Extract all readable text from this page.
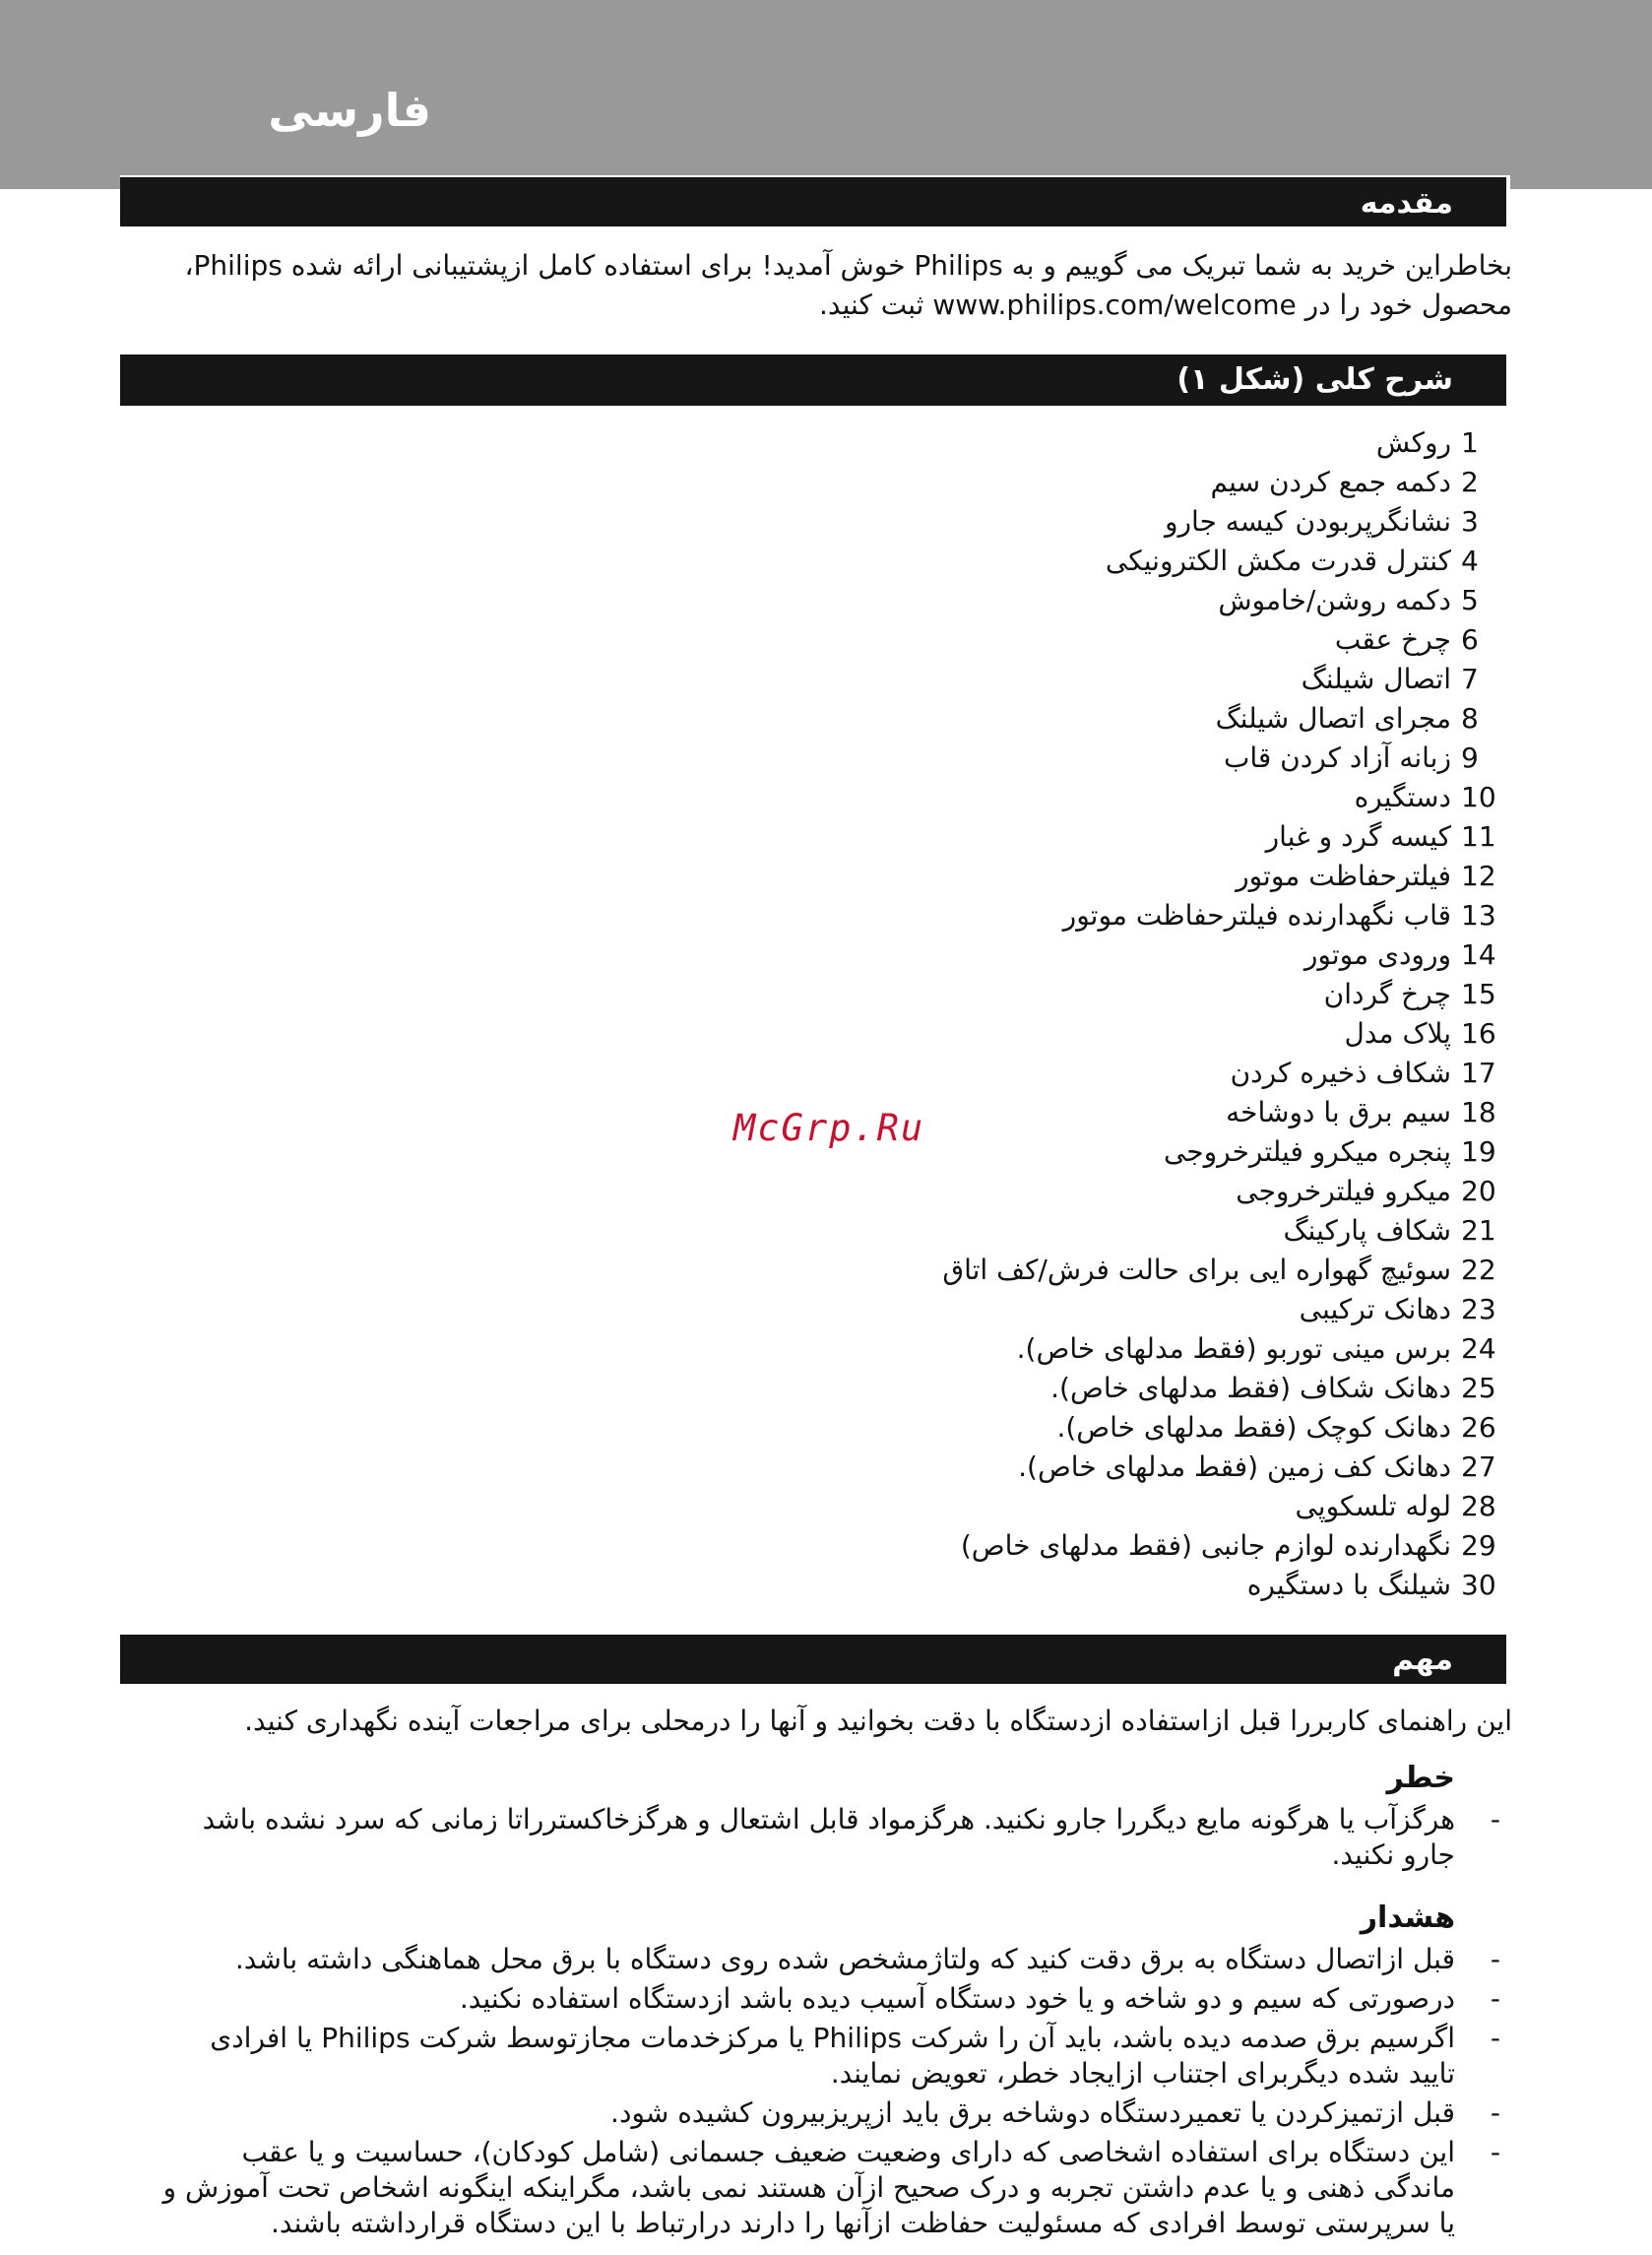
فارسی
مقدمه
بخاطراین خرید به شما تبریک می گوییم و به Philips خوش آمدید! برای استفاده کامل ازپشتیبانی ارائه شده Philips، محصول خود را در www.philips.com/welcome ثبت کنید.
شرح کلی (شکل ۱)
1
روکش
2
دکمه جمع کردن سیم
3
نشانگرپربودن کیسه جارو
4
کنترل قدرت مکش الکترونیکی
5
دکمه روشن/خاموش
6
چرخ عقب
7
اتصال شیلنگ
8
مجرای اتصال شیلنگ
9
زبانه آزاد کردن قاب
10
دستگیره
11
کیسه گرد و غبار
12
فیلترحفاظت موتور
13
قاب نگهدارنده فیلترحفاظت موتور
14
ورودی موتور
15
چرخ گردان
16
پلاک مدل
17
شکاف ذخیره کردن
18
سیم برق با دوشاخه
19
پنجره میکرو فیلترخروجی
20
میکرو فیلترخروجی
21
شکاف پارکینگ
22
سوئیچ گهواره ایی برای حالت فرش/کف اتاق
23
دهانک ترکیبی
24
برس مینی توربو (فقط مدلهای خاص).
25
دهانک شکاف (فقط مدلهای خاص).
26
دهانک کوچک (فقط مدلهای خاص).
27
دهانک کف زمین (فقط مدلهای خاص).
28
لوله تلسکوپی
29
نگهدارنده لوازم جانبی (فقط مدلهای خاص)
30
شیلنگ با دستگیره
McGrp.Ru
مهم
این راهنمای کاربررا قبل ازاستفاده ازدستگاه با دقت بخوانید و آنها را درمحلی برای مراجعات آینده نگهداری کنید.
خطر
-
هرگزآب یا هرگونه مایع دیگررا جارو نکنید. هرگزمواد قابل اشتعال و هرگزخاکسترراتا زمانی که سرد نشده باشد جارو نکنید.
هشدار
-
قبل ازاتصال دستگاه به برق دقت کنید که ولتاژمشخص شده روی دستگاه با برق محل هماهنگی داشته باشد.
-
درصورتی که سیم و دو شاخه و یا خود دستگاه آسیب دیده باشد ازدستگاه استفاده نکنید.
-
اگرسیم برق صدمه دیده باشد، باید آن را شرکت Philips یا مرکزخدمات مجازتوسط شرکت Philips یا افرادی تایید شده دیگربرای اجتناب ازایجاد خطر، تعویض نمایند.
-
قبل ازتمیزکردن یا تعمیردستگاه دوشاخه برق باید ازپریزبیرون کشیده شود.
-
این دستگاه برای استفاده اشخاصی که دارای وضعیت ضعیف جسمانی (شامل کودکان)، حساسیت و یا عقب ماندگی ذهنی و یا عدم داشتن تجربه و درک صحیح ازآن هستند نمی باشد، مگراینکه اینگونه اشخاص تحت آموزش و یا سرپرستی توسط افرادی که مسئولیت حفاظت ازآنها را دارند درارتباط با این دستگاه قرارداشته باشند.
